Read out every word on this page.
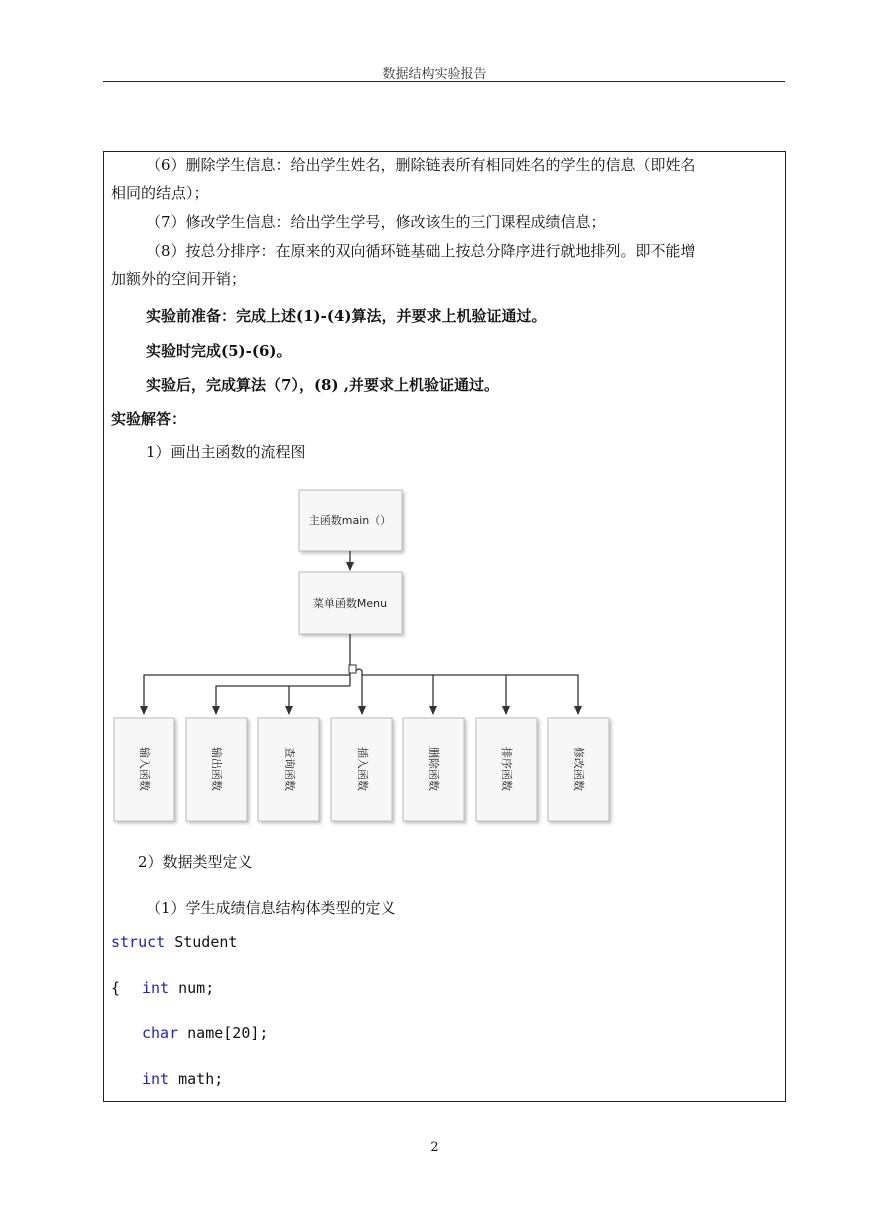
数据结构实验报告
（6）删除学生信息：给出学生姓名，删除链表所有相同姓名的学生的信息（即姓名
相同的结点）；
（7）修改学生信息：给出学生学号，修改该生的三门课程成绩信息；
（8）按总分排序：在原来的双向循环链基础上按总分降序进行就地排列。即不能增
加额外的空间开销；
实验前准备：完成上述(1)-(4)算法，并要求上机验证通过。
实验时完成(5)-(6)。
实验后，完成算法（7），(8) ,并要求上机验证通过。
实验解答：
1）画出主函数的流程图
主函数main（）
菜单函数Menu
输入函数	输出函数	查询函数	插入函数	删除函数	排序函数	修改函数
2）数据类型定义
（1）学生成绩信息结构体类型的定义
struct Student
{ int num;
char name[20];
int math;
2
